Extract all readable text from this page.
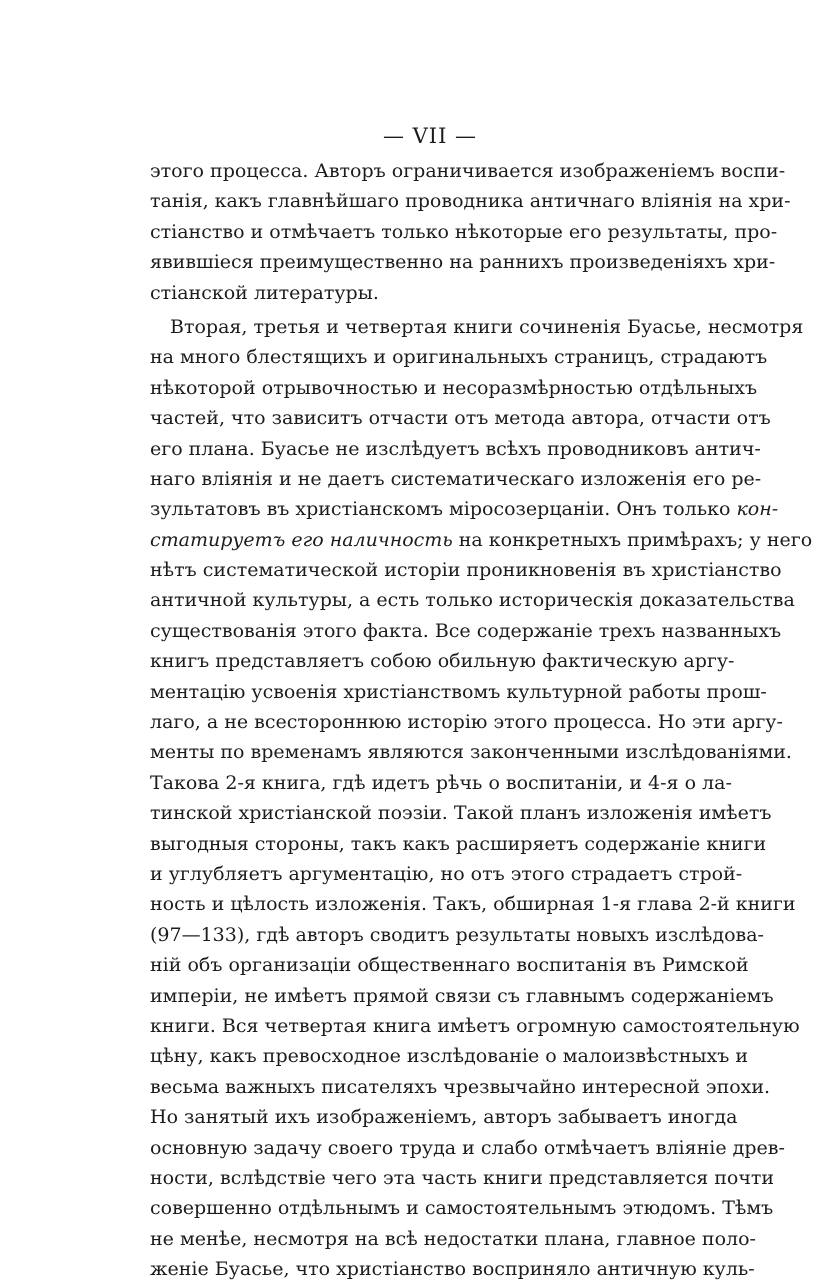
— VII —
этого процесса. Авторъ ограничивается изображеніемъ воспи-
танія, какъ главнѣйшаго проводника античнаго вліянія на хри-
стіанство и отмѣчаетъ только нѣкоторые его результаты, про-
явившіеся преимущественно на раннихъ произведеніяхъ хри-
стіанской литературы.
Вторая, третья и четвертая книги сочиненія Буасье, несмотря
на много блестящихъ и оригинальныхъ страницъ, страдаютъ
нѣкоторой отрывочностью и несоразмѣрностью отдѣльныхъ
частей, что зависитъ отчасти отъ метода автора, отчасти отъ
его плана. Буасье не изслѣдуетъ всѣхъ проводниковъ антич-
наго вліянія и не даетъ систематическаго изложенія его ре-
зультатовъ въ христіанскомъ міросозерцаніи. Онъ только кон-
статируетъ его наличность на конкретныхъ примѣрахъ; у него
нѣтъ систематической исторіи проникновенія въ христіанство
античной культуры, а есть только историческія доказательства
существованія этого факта. Все содержаніе трехъ названныхъ
книгъ представляетъ собою обильную фактическую аргу-
ментацію усвоенія христіанствомъ культурной работы прош-
лаго, а не всестороннюю исторію этого процесса. Но эти аргу-
менты по временамъ являются законченными изслѣдованіями.
Такова 2-я книга, гдѣ идетъ рѣчь о воспитаніи, и 4-я о ла-
тинской христіанской поэзіи. Такой планъ изложенія имѣетъ
выгодныя стороны, такъ какъ расширяетъ содержаніе книги
и углубляетъ аргументацію, но отъ этого страдаетъ строй-
ность и цѣлость изложенія. Такъ, обширная 1-я глава 2-й книги
(97—133), гдѣ авторъ сводитъ результаты новыхъ изслѣдова-
ній объ организаціи общественнаго воспитанія въ Римской
имперіи, не имѣетъ прямой связи съ главнымъ содержаніемъ
книги. Вся четвертая книга имѣетъ огромную самостоятельную
цѣну, какъ превосходное изслѣдованіе о малоизвѣстныхъ и
весьма важныхъ писателяхъ чрезвычайно интересной эпохи.
Но занятый ихъ изображеніемъ, авторъ забываетъ иногда
основную задачу своего труда и слабо отмѣчаетъ вліяніе древ-
ности, вслѣдствіе чего эта часть книги представляется почти
совершенно отдѣльнымъ и самостоятельнымъ этюдомъ. Тѣмъ
не менѣе, несмотря на всѣ недостатки плана, главное поло-
женіе Буасье, что христіанство восприняло античную куль-
